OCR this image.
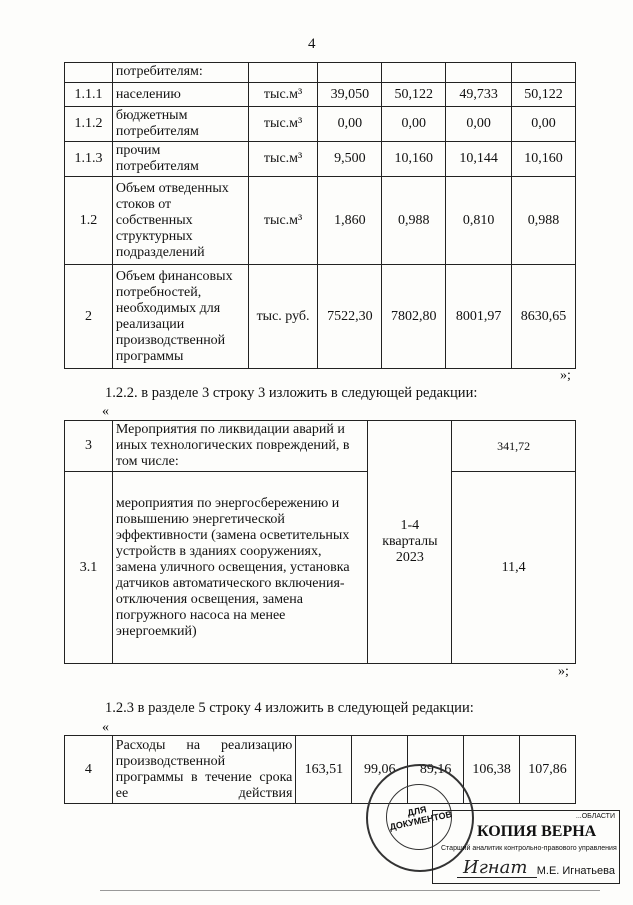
4
	потребителям:					
1.1.1	населению	тыс.м³	39,050	50,122	49,733	50,122
1.1.2	бюджетным потребителям	тыс.м³	0,00	0,00	0,00	0,00
1.1.3	прочим потребителям	тыс.м³	9,500	10,160	10,144	10,160
1.2	Объем отведенных стоков от собственных структурных подразделений	тыс.м³	1,860	0,988	0,810	0,988
2	Объем финансовых потребностей, необходимых для реализации производственной программы	тыс. руб.	7522,30	7802,80	8001,97	8630,65
»;
1.2.2. в разделе 3 строку 3 изложить в следующей редакции:
«
3	Мероприятия по ликвидации аварий и иных технологических повреждений, в том числе:	1-4 кварталы 2023	341,72
3.1	мероприятия по энергосбережению и повышению энергетической эффективности (замена осветительных устройств в зданиях сооружениях, замена уличного освещения, установка датчиков автоматического включения-отключения освещения, замена погружного насоса на менее энергоемкий)		11,4
»;
1.2.3 в разделе 5 строку 4 изложить в следующей редакции:
«
4	Расходы на реализацию производственной программы в течение срока ее действия	163,51	99,06	89,16	106,38	107,86
ДЛЯ ДОКУМЕНТОВ	...ОБЛАСТИ
КОПИЯ ВЕРНА
Старший аналитик контрольно-правового управления
Игнат М.Е. Игнатьева
